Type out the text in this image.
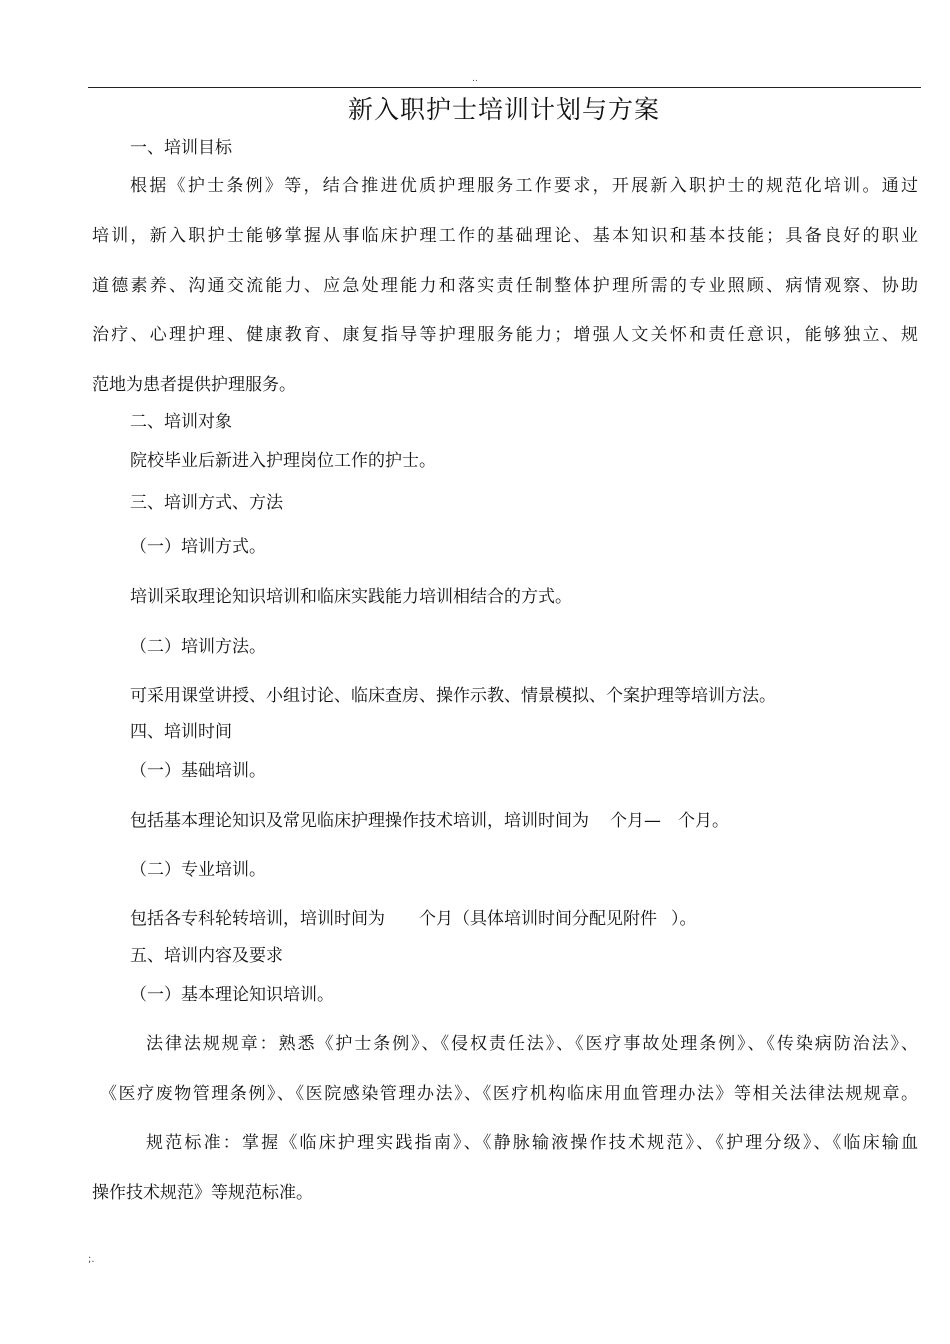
..
新入职护士培训计划与方案
一、培训目标
根据《护士条例》等，结合推进优质护理服务工作要求，开展新入职护士的规范化培训。通过
培训，新入职护士能够掌握从事临床护理工作的基础理论、基本知识和基本技能；具备良好的职业
道德素养、沟通交流能力、应急处理能力和落实责任制整体护理所需的专业照顾、病情观察、协助
治疗、心理护理、健康教育、康复指导等护理服务能力；增强人文关怀和责任意识，能够独立、规
范地为患者提供护理服务。
二、培训对象
院校毕业后新进入护理岗位工作的护士。
三、培训方式、方法
（一）培训方式。
培训采取理论知识培训和临床实践能力培训相结合的方式。
（二）培训方法。
可采用课堂讲授、小组讨论、临床查房、操作示教、情景模拟、个案护理等培训方法。
四、培训时间
（一）基础培训。
包括基本理论知识及常见临床护理操作技术培训，培训时间为 个月— 个月。
（二）专业培训。
包括各专科轮转培训，培训时间为 个月（具体培训时间分配见附件 ）。
五、培训内容及要求
（一）基本理论知识培训。
法律法规规章：熟悉《护士条例》、《侵权责任法》、《医疗事故处理条例》、《传染病防治法》、
《医疗废物管理条例》、《医院感染管理办法》、《医疗机构临床用血管理办法》等相关法律法规规章。
规范标准：掌握《临床护理实践指南》、《静脉输液操作技术规范》、《护理分级》、《临床输血
操作技术规范》等规范标准。
;.
